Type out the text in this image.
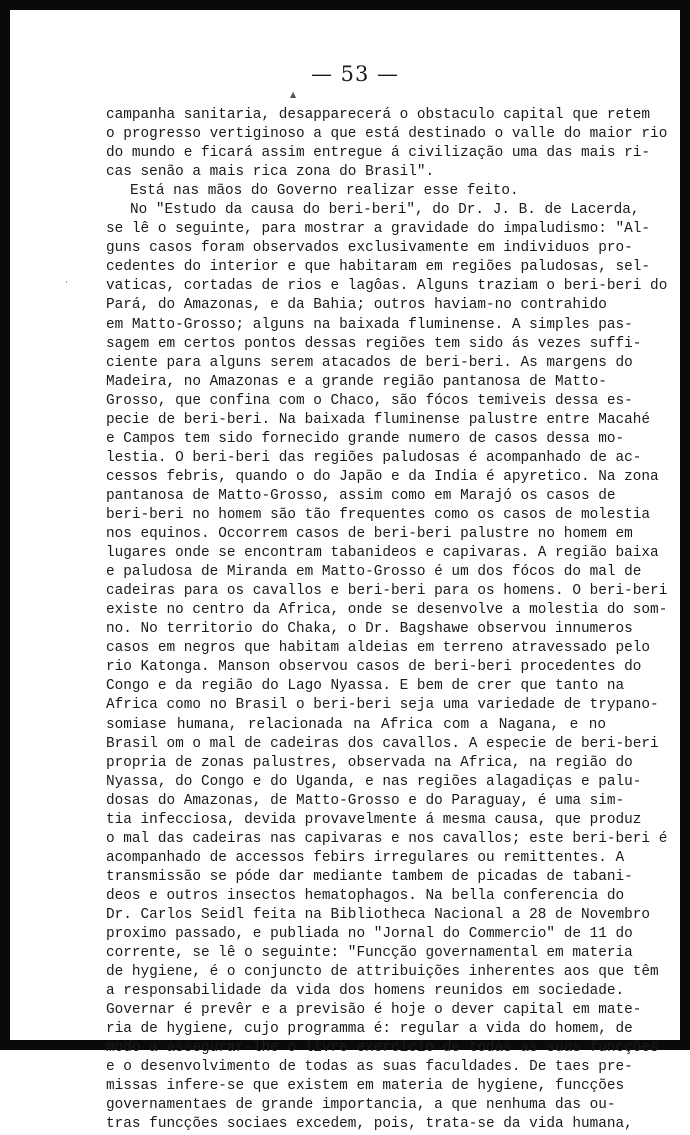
— 53 —
▲
·
campanha sanitaria, desapparecerá o obstaculo capital que retem
o progresso vertiginoso a que está destinado o valle do maior rio
do mundo e ficará assim entregue á civilização uma das mais ri-
cas senão a mais rica zona do Brasil".
Está nas mãos do Governo realizar esse feito.
No "Estudo da causa do beri-beri", do Dr. J. B. de Lacerda,
se lê o seguinte, para mostrar a gravidade do impaludismo: "Al-
guns casos foram observados exclusivamente em individuos pro-
cedentes do interior e que habitaram em regiões paludosas, sel-
vaticas, cortadas de rios e lagôas. Alguns traziam o beri-beri do
Pará, do Amazonas, e da Bahia; outros haviam-no contrahido
em Matto-Grosso; alguns na baixada fluminense. A simples pas-
sagem em certos pontos dessas regiões tem sido ás vezes suffi-
ciente para alguns serem atacados de beri-beri. As margens do
Madeira, no Amazonas e a grande região pantanosa de Matto-
Grosso, que confina com o Chaco, são fócos temiveis dessa es-
pecie de beri-beri. Na baixada fluminense palustre entre Macahé
e Campos tem sido fornecido grande numero de casos dessa mo-
lestia. O beri-beri das regiões paludosas é acompanhado de ac-
cessos febris, quando o do Japão e da India é apyretico. Na zona
pantanosa de Matto-Grosso, assim como em Marajó os casos de
beri-beri no homem são tão frequentes como os casos de molestia
nos equinos. Occorrem casos de beri-beri palustre no homem em
lugares onde se encontram tabanideos e capivaras. A região baixa
e paludosa de Miranda em Matto-Grosso é um dos fócos do mal de
cadeiras para os cavallos e beri-beri para os homens. O beri-beri
existe no centro da Africa, onde se desenvolve a molestia do som-
no. No territorio do Chaka, o Dr. Bagshawe observou innumeros
casos em negros que habitam aldeias em terreno atravessado pelo
rio Katonga. Manson observou casos de beri-beri procedentes do
Congo e da região do Lago Nyassa. E bem de crer que tanto na
Africa como no Brasil o beri-beri seja uma variedade de trypano-
somiase humana, relacionada na Africa com a Nagana, e no
Brasil om o mal de cadeiras dos cavallos. A especie de beri-beri
propria de zonas palustres, observada na Africa, na região do
Nyassa, do Congo e do Uganda, e nas regiões alagadiças e palu-
dosas do Amazonas, de Matto-Grosso e do Paraguay, é uma sim-
tia infecciosa, devida provavelmente á mesma causa, que produz
o mal das cadeiras nas capivaras e nos cavallos; este beri-beri é
acompanhado de accessos febirs irregulares ou remittentes. A
transmissão se póde dar mediante tambem de picadas de tabani-
deos e outros insectos hematophagos. Na bella conferencia do
Dr. Carlos Seidl feita na Bibliotheca Nacional a 28 de Novembro
proximo passado, e publiada no "Jornal do Commercio" de 11 do
corrente, se lê o seguinte: "Funcção governamental em materia
de hygiene, é o conjuncto de attribuições inherentes aos que têm
a responsabilidade da vida dos homens reunidos em sociedade.
Governar é prevêr e a previsão é hoje o dever capital em mate-
ria de hygiene, cujo programma é: regular a vida do homem, de
modo a assegurar-lhe o livre exercicio de todas as suas funcções
e o desenvolvimento de todas as suas faculdades. De taes pre-
missas infere-se que existem em materia de hygiene, funcções
governamentaes de grande importancia, a que nenhuma das ou-
tras funcções sociaes excedem, pois, trata-se da vida humana,
